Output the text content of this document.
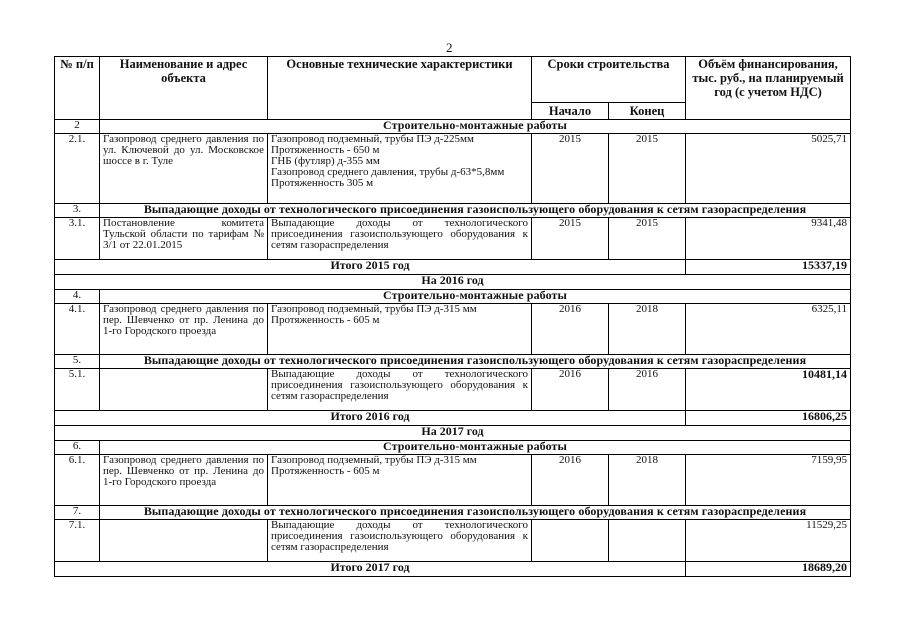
2
№ п/п	Наименование и адрес объекта	Основные технические характеристики	Сроки строительства		Объём финансирования, тыс. руб., на планируемый год (с учетом НДС)
			Начало	Конец	
2	Строительно-монтажные работы				
2.1.	Газопровод среднего давления по ул. Ключевой до ул. Московское шоссе в г. Туле	Газопровод подземный, трубы ПЭ д-225мм
Протяженность - 650 м
ГНБ (футляр) д-355 мм
Газопровод среднего давления, трубы д-63*5,8мм
Протяженность 305 м	2015	2015	5025,71
3.	Выпадающие доходы от технологического присоединения газоиспользующего оборудования к сетям газораспределения				
3.1.	Постановление комитета Тульской области по тарифам № 3/1 от 22.01.2015	Выпадающие доходы от технологического присоединения газоиспользующего оборудования к сетям газораспределения	2015	2015	9341,48
Итого 2015 год					15337,19
На 2016 год					
4.	Строительно-монтажные работы				
4.1.	Газопровод среднего давления по пер. Шевченко от пр. Ленина до 1-го Городского проезда	Газопровод подземный, трубы ПЭ д-315 мм
Протяженность - 605 м	2016	2018	6325,11
5.	Выпадающие доходы от технологического присоединения газоиспользующего оборудования к сетям газораспределения				
5.1.		Выпадающие доходы от технологического присоединения газоиспользующего оборудования к сетям газораспределения	2016	2016	10481,14
Итого 2016 год					16806,25
На 2017 год					
6.	Строительно-монтажные работы				
6.1.	Газопровод среднего давления по пер. Шевченко от пр. Ленина до 1-го Городского проезда	Газопровод подземный, трубы ПЭ д-315 мм
Протяженность - 605 м	2016	2018	7159,95
7.	Выпадающие доходы от технологического присоединения газоиспользующего оборудования к сетям газораспределения				
7.1.		Выпадающие доходы от технологического присоединения газоиспользующего оборудования к сетям газораспределения			11529,25
Итого 2017 год					18689,20
